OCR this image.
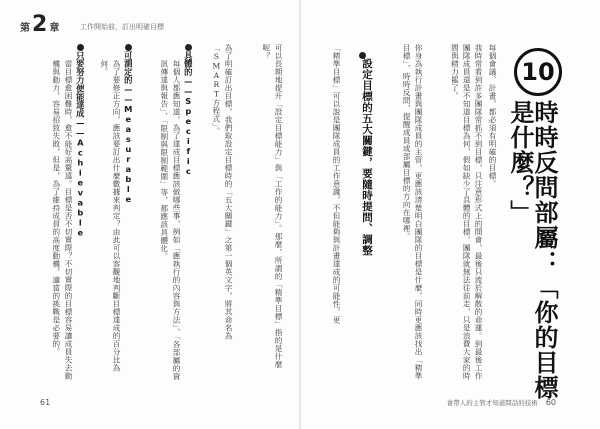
第2 章	工作開始前，訂出明確目標
10
時時反問部屬：「你的目標是什麼？」
每個會議、計畫，都必須有明確的目標。
我時常看到許多團隊常抓不到目標，只注意形式上的開會，最後只流於解散的命運。到最後工作團隊成員還是不知道目標為何，假如缺少了具體的目標，團隊就無法往前走，只是浪費大家的時間與精力罷了。
你身為執行計畫與團隊成員的主管，更應該清楚明白團隊的目標是什麼，同時更應該找出「精準目標」，時時反問，提醒成員或部屬目標的方向在哪裡。
設定目標的五大關鍵，要隨時提問、調整
「精準目標」可以說是團隊成員的工作意識，不但能夠與計畫達成的可能性，更
可以長期地提升「設定目標能力」與「工作的能力」。那麼，所謂的「精準目標」指的是什麼呢？
為了明確訂出目標，我們取設定目標時的「五大關鍵」之第一個英文字，將其命名為「SMART方程式」。
具體的——Specific
每個人都應知道，為了達成目標應該做哪些事，例如「應執行的內容與方法」、「各部屬的資訊傳達與報告」、「限制與限制範圍」等，都應該具體化。
可測定的——Measurable
為了要修正方向，應該要訂出什麼數據來判定？由此可以客觀地判斷目標達成的百分比為何。
只要努力便能達成——Achievable
當目標愈困難時，愈不能好高騖遠。目標是否不切實際？不切實際的目標容易讓成員失去動機與動力，容易招致失敗，但是，為了維持成員的高度動機，適當的挑戰是必要的。
61	會帶人的主管才知道問話的技術 60
